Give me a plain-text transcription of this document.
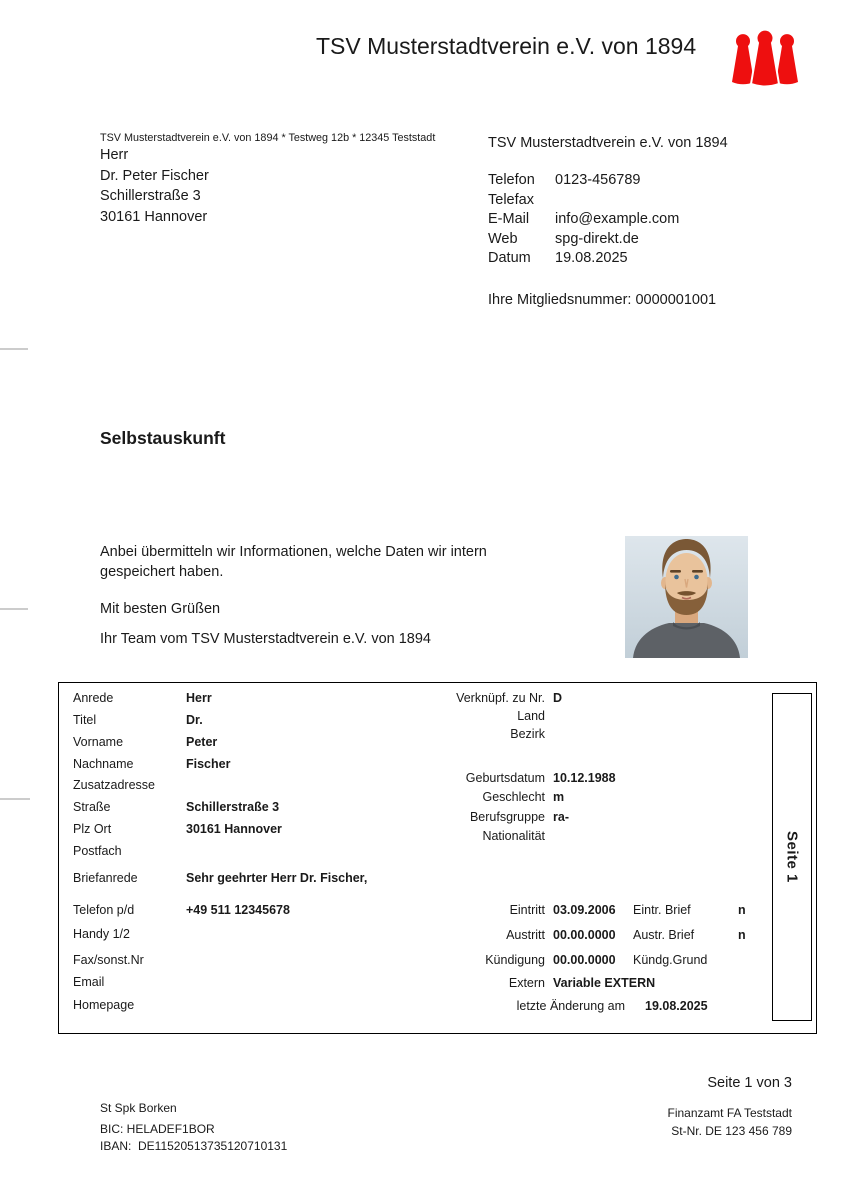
TSV Musterstadtverein e.V. von 1894
TSV Musterstadtverein e.V. von 1894 * Testweg 12b * 12345 Teststadt
Herr
Dr. Peter Fischer
Schillerstraße 3
30161 Hannover
TSV Musterstadtverein e.V. von 1894
Telefon 0123-456789
Telefax
E-Mail info@example.com
Web	spg-direkt.de
Datum 19.08.2025
Ihre Mitgliedsnummer: 0000001001
Selbstauskunft
Anbei übermitteln wir Informationen, welche Daten wir intern
gespeichert haben.
Mit besten Grüßen
Ihr Team vom TSV Musterstadtverein e.V. von 1894
Anrede	Herr
Titel	Dr.
Vorname	Peter
Nachname	Fischer
Zusatzadresse
Straße	Schillerstraße 3
Plz Ort	30161 Hannover
Postfach
Briefanrede	Sehr geehrter Herr Dr. Fischer,
Telefon p/d	+49 511 12345678
Handy 1/2
Fax/sonst.Nr
Email
Homepage
Verknüpf. zu Nr. D
Land
Bezirk
Geburtsdatum 10.12.1988
Geschlecht m
Berufsgruppe ra-
Nationalität
Eintritt 03.09.2006 Eintr. Brief	n
Austritt 00.00.0000 Austr. Brief	n
Kündigung 00.00.0000 Kündg.Grund
Extern Variable EXTERN
letzte Änderung am 19.08.2025
Seite 1
Seite 1 von 3
St Spk Borken
BIC: HELADEF1BOR
IBAN:  DE11520513735120710131
Finanzamt FA Teststadt
St-Nr. DE 123 456 789
